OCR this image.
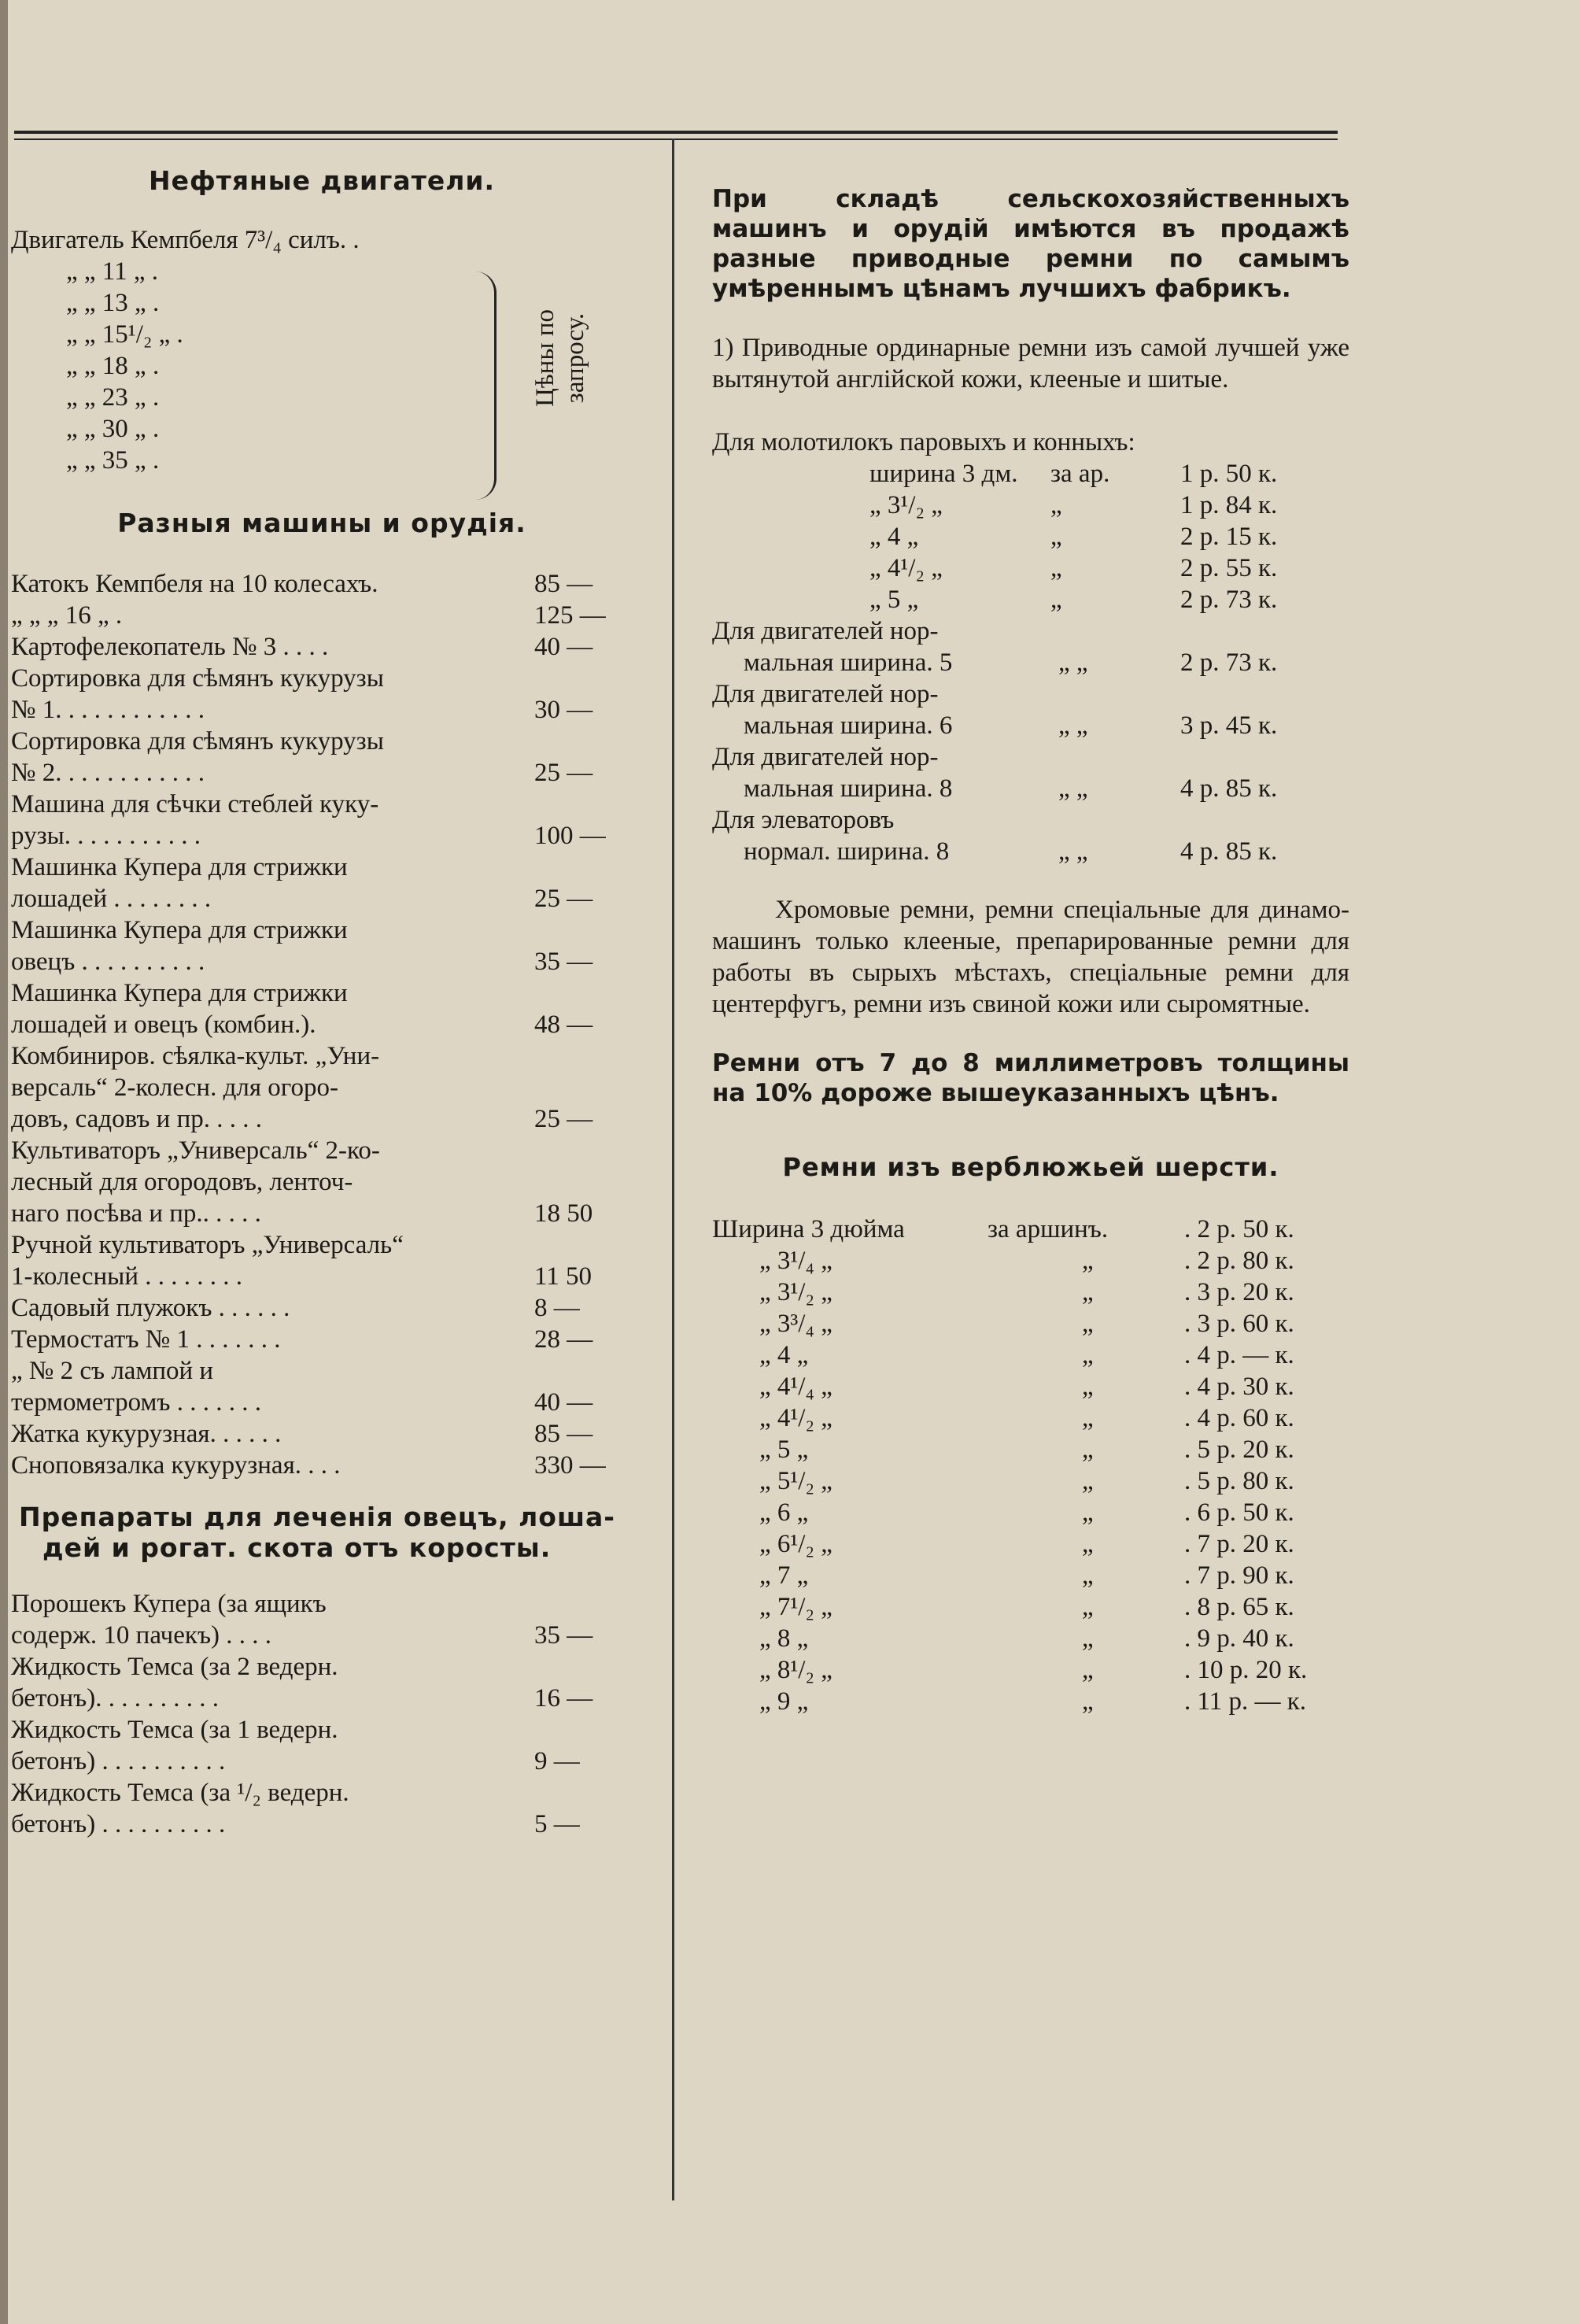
Нефтяные двигатели.
Двигатель Кемпбеля 7³/₄ силъ. .
„ „ 11 „ .
„ „ 13 „ .
„ „ 15¹/₂ „ .
„ „ 18 „ .
„ „ 23 „ .
„ „ 30 „ .
„ „ 35 „ .
Цѣны по запросу.
Разныя машины и орудія.
Катокъ Кемпбеля на 10 колесахъ.	85 —
„ „ „ 16 „ .	125 —
Картофелекопатель № 3 . . . .	40 —
Сортировка для сѣмянъ кукурузы
№ 1. . . . . . . . . . . .	30 —
Сортировка для сѣмянъ кукурузы
№ 2. . . . . . . . . . . .	25 —
Машина для сѣчки стеблей куку-
рузы. . . . . . . . . . .	100 —
Машинка Купера для стрижки
лошадей . . . . . . . .	25 —
Машинка Купера для стрижки
овецъ . . . . . . . . . .	35 —
Машинка Купера для стрижки
лошадей и овецъ (комбин.).	48 —
Комбиниров. сѣялка-культ. „Уни-
версаль“ 2-колесн. для огоро-
довъ, садовъ и пр. . . . .	25 —
Культиваторъ „Универсаль“ 2-ко-
лесный для огородовъ, ленточ-
наго посѣва и пр.. . . . .	18 50
Ручной культиваторъ „Универсаль“
1-колесный . . . . . . . .	11 50
Садовый плужокъ . . . . . .	8 —
Термостатъ № 1 . . . . . . .	28 —
„ № 2 съ лампой и
термометромъ . . . . . . .	40 —
Жатка кукурузная. . . . . .	85 —
Сноповязалка кукурузная. . . .	330 —
Препараты для леченія овецъ, лоша-
дей и рогат. скота отъ коросты.
Порошекъ Купера (за ящикъ
содерж. 10 пачекъ) . . . .	35 —
Жидкость Темса (за 2 ведерн.
бетонъ). . . . . . . . . .	16 —
Жидкость Темса (за 1 ведерн.
бетонъ) . . . . . . . . . .	9 —
Жидкость Темса (за ¹/₂ ведерн.
бетонъ) . . . . . . . . . .	5 —
При складѣ сельскохозяйственныхъ машинъ и орудій имѣются въ продажѣ разные приводные ремни по самымъ умѣреннымъ цѣнамъ лучшихъ фабрикъ.
1) Приводные ординарные ремни изъ самой лучшей уже вытянутой англійской кожи, клееные и шитые.
Для молотилокъ паровыхъ и конныхъ:
ширина 3 дм. за ар.	1 р. 50 к.
„ 3¹/₂ „	„	1 р. 84 к.
„ 4 „	„	2 р. 15 к.
„ 4¹/₂ „	„	2 р. 55 к.
„ 5 „	„	2 р. 73 к.
Для двигателей нор-
мальная ширина. 5	„ „	2 р. 73 к.
Для двигателей нор-
мальная ширина. 6	„ „	3 р. 45 к.
Для двигателей нор-
мальная ширина. 8	„ „	4 р. 85 к.
Для элеваторовъ
нормал. ширина. 8	„ „	4 р. 85 к.
Хромовые ремни, ремни спеціальные для динамо-машинъ только клееные, препарированные ремни для работы въ сырыхъ мѣстахъ, спеціальные ремни для центерфугъ, ремни изъ свиной кожи или сыромятные.
Ремни отъ 7 до 8 миллиметровъ толщины на 10% дороже вышеуказанныхъ цѣнъ.
Ремни изъ верблюжьей шерсти.
Ширина 3 дюйма	за аршинъ.	. 2 р. 50 к.
„ 3¹/₄ „	„	. 2 р. 80 к.
„ 3¹/₂ „	„	. 3 р. 20 к.
„ 3³/₄ „	„	. 3 р. 60 к.
„ 4 „	„	. 4 р. — к.
„ 4¹/₄ „	„	. 4 р. 30 к.
„ 4¹/₂ „	„	. 4 р. 60 к.
„ 5 „	„	. 5 р. 20 к.
„ 5¹/₂ „	„	. 5 р. 80 к.
„ 6 „	„	. 6 р. 50 к.
„ 6¹/₂ „	„	. 7 р. 20 к.
„ 7 „	„	. 7 р. 90 к.
„ 7¹/₂ „	„	. 8 р. 65 к.
„ 8 „	„	. 9 р. 40 к.
„ 8¹/₂ „	„	. 10 р. 20 к.
„ 9 „	„	. 11 р. — к.
